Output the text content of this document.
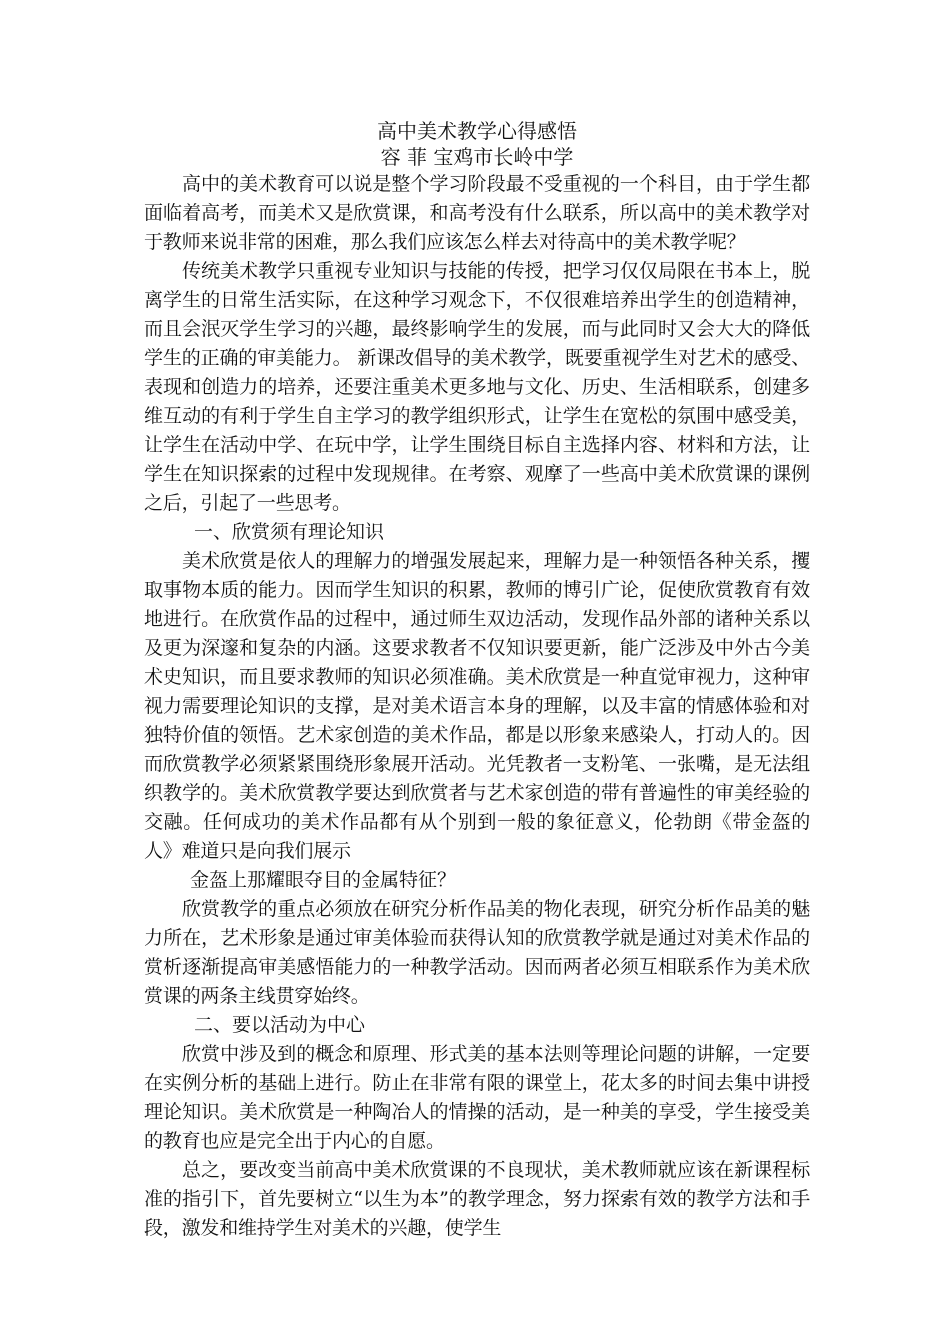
高中美术教学心得感悟

容 菲 宝鸡市长岭中学

高中的美术教育可以说是整个学习阶段最不受重视的一个科目，由于学生都面临着高考，而美术又是欣赏课，和高考没有什么联系，所以高中的美术教学对于教师来说非常的困难，那么我们应该怎么样去对待高中的美术教学呢？

传统美术教学只重视专业知识与技能的传授，把学习仅仅局限在书本上，脱离学生的日常生活实际，在这种学习观念下，不仅很难培养出学生的创造精神，而且会泯灭学生学习的兴趣，最终影响学生的发展，而与此同时又会大大的降低学生的正确的审美能力。 新课改倡导的美术教学，既要重视学生对艺术的感受、表现和创造力的培养，还要注重美术更多地与文化、历史、生活相联系，创建多维互动的有利于学生自主学习的教学组织形式，让学生在宽松的氛围中感受美，让学生在活动中学、在玩中学，让学生围绕目标自主选择内容、材料和方法，让学生在知识探索的过程中发现规律。在考察、观摩了一些高中美术欣赏课的课例之后，引起了一些思考。

一、欣赏须有理论知识

美术欣赏是依人的理解力的增强发展起来，理解力是一种领悟各种关系，攫取事物本质的能力。因而学生知识的积累，教师的博引广论，促使欣赏教育有效地进行。在欣赏作品的过程中，通过师生双边活动，发现作品外部的诸种关系以及更为深邃和复杂的内涵。这要求教者不仅知识要更新，能广泛涉及中外古今美术史知识，而且要求教师的知识必须准确。美术欣赏是一种直觉审视力，这种审视力需要理论知识的支撑，是对美术语言本身的理解，以及丰富的情感体验和对独特价值的领悟。艺术家创造的美术作品，都是以形象来感染人，打动人的。因而欣赏教学必须紧紧围绕形象展开活动。光凭教者一支粉笔、一张嘴，是无法组织教学的。美术欣赏教学要达到欣赏者与艺术家创造的带有普遍性的审美经验的交融。任何成功的美术作品都有从个别到一般的象征意义，伦勃朗《带金盔的人》难道只是向我们展示

金盔上那耀眼夺目的金属特征？

欣赏教学的重点必须放在研究分析作品美的物化表现，研究分析作品美的魅力所在，艺术形象是通过审美体验而获得认知的欣赏教学就是通过对美术作品的赏析逐渐提高审美感悟能力的一种教学活动。因而两者必须互相联系作为美术欣赏课的两条主线贯穿始终。

二、要以活动为中心

欣赏中涉及到的概念和原理、形式美的基本法则等理论问题的讲解，一定要在实例分析的基础上进行。防止在非常有限的课堂上，花太多的时间去集中讲授理论知识。美术欣赏是一种陶冶人的情操的活动，是一种美的享受，学生接受美的教育也应是完全出于内心的自愿。

总之，要改变当前高中美术欣赏课的不良现状，美术教师就应该在新课程标准的指引下，首先要树立“以生为本”的教学理念，努力探索有效的教学方法和手段，激发和维持学生对美术的兴趣，使学生
